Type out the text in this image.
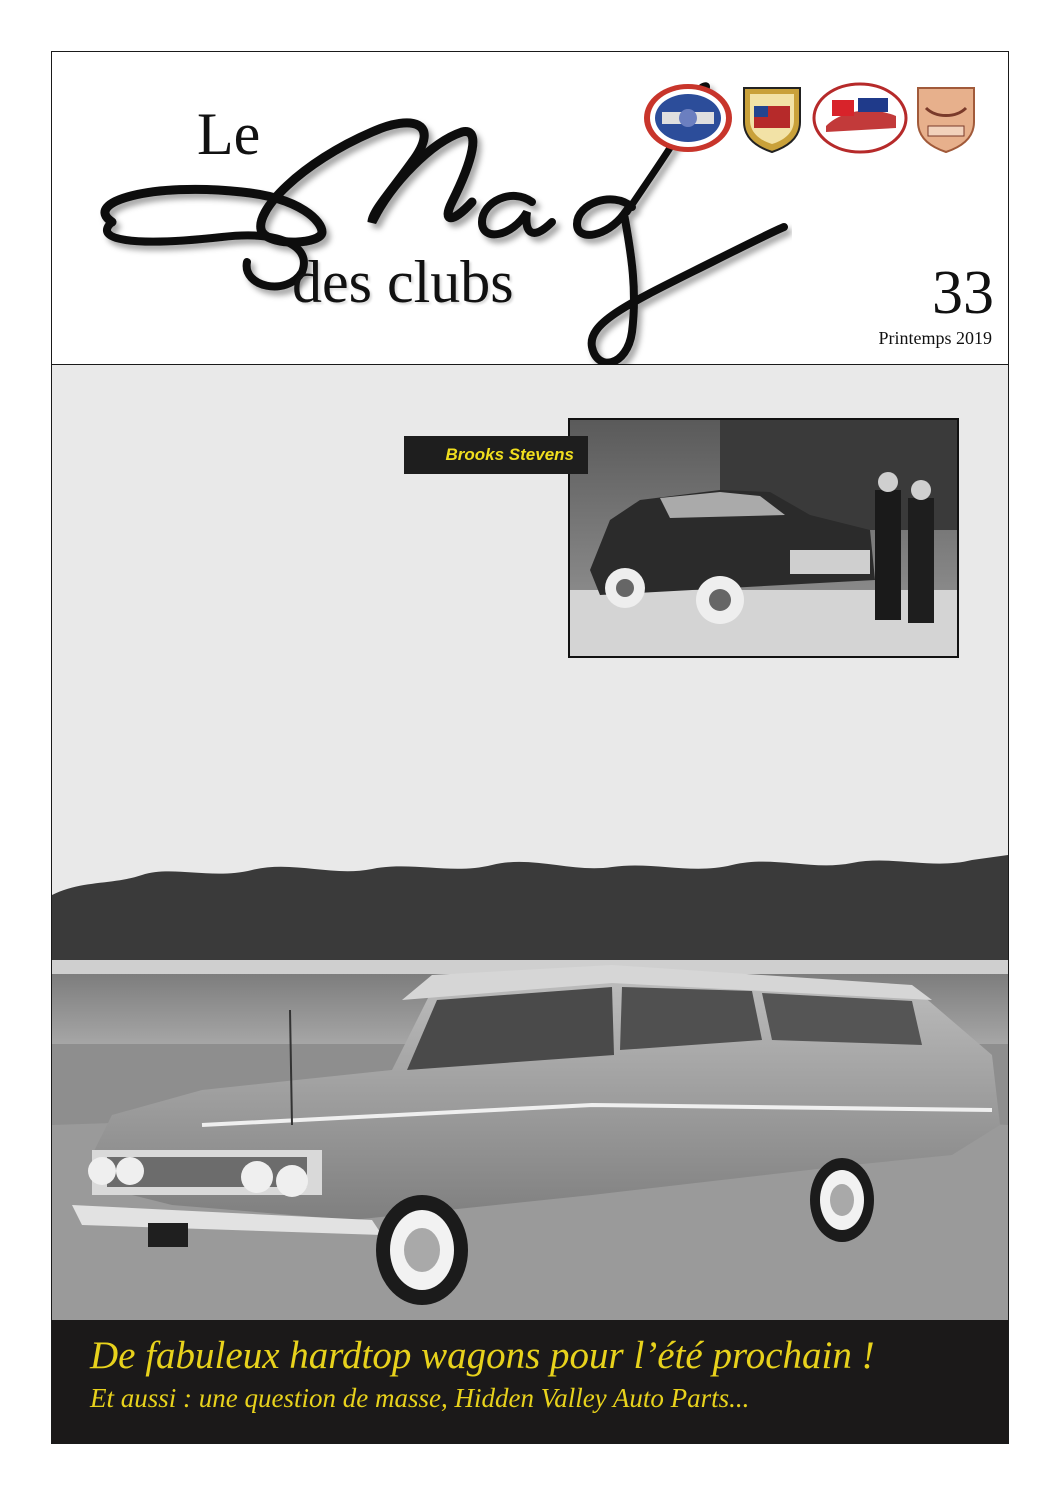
Le
des clubs	33
Printemps 2019
Brooks Stevens
De fabuleux hardtop wagons pour l’été prochain !
Et aussi : une question de masse, Hidden Valley Auto Parts...
